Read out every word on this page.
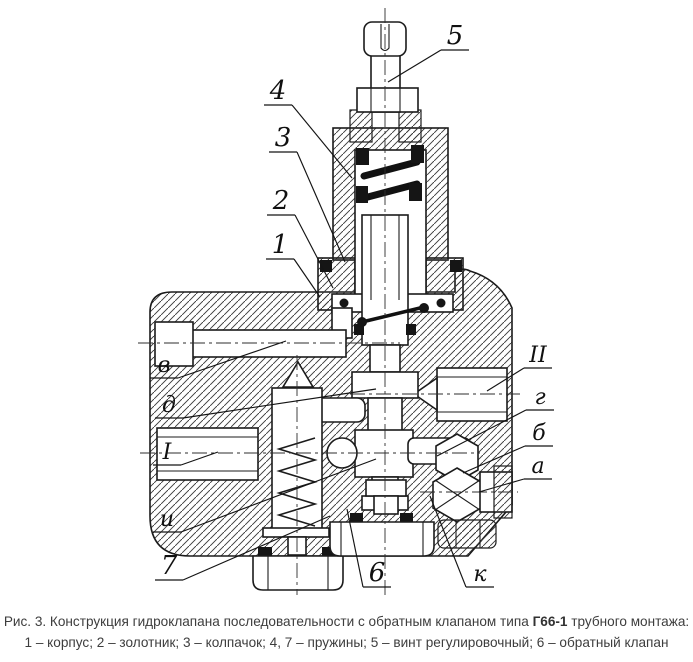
5
4
3
2
1
в
д
I
и
7	6	к
II
г
б
а
Рис. 3. Конструкция гидроклапана последовательности с обратным клапаном типа Г66-1 трубного монтажа:
1 – корпус; 2 – золотник; 3 – колпачок; 4, 7 – пружины; 5 – винт регулировочный; 6 – обратный клапан
